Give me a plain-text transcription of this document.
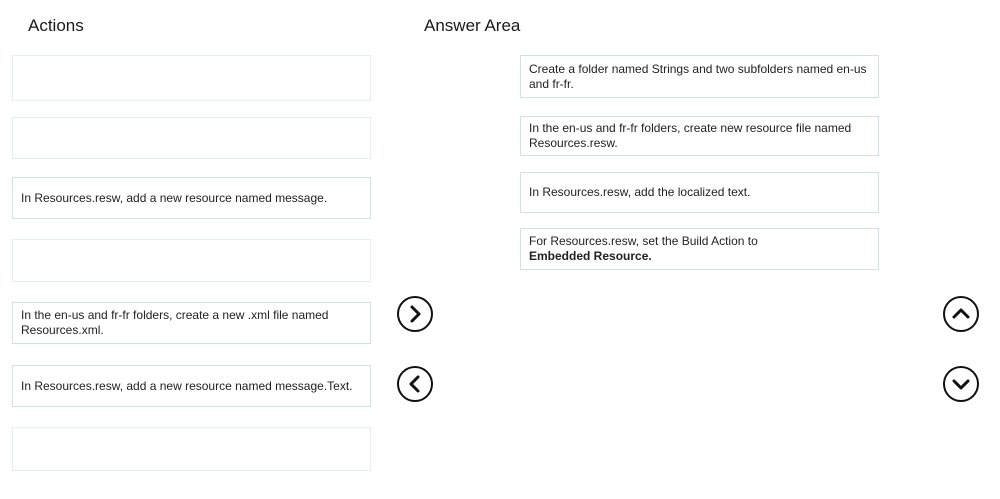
Actions	Answer Area
In Resources.resw, add a new resource named message.
In the en-us and fr-fr folders, create a new .xml file named Resources.xml.
In Resources.resw, add a new resource named message.Text.
Create a folder named Strings and two subfolders named en-us and fr-fr.
In the en-us and fr-fr folders, create new resource file named Resources.resw.
In Resources.resw, add the localized text.
For Resources.resw, set the Build Action to
Embedded Resource.
